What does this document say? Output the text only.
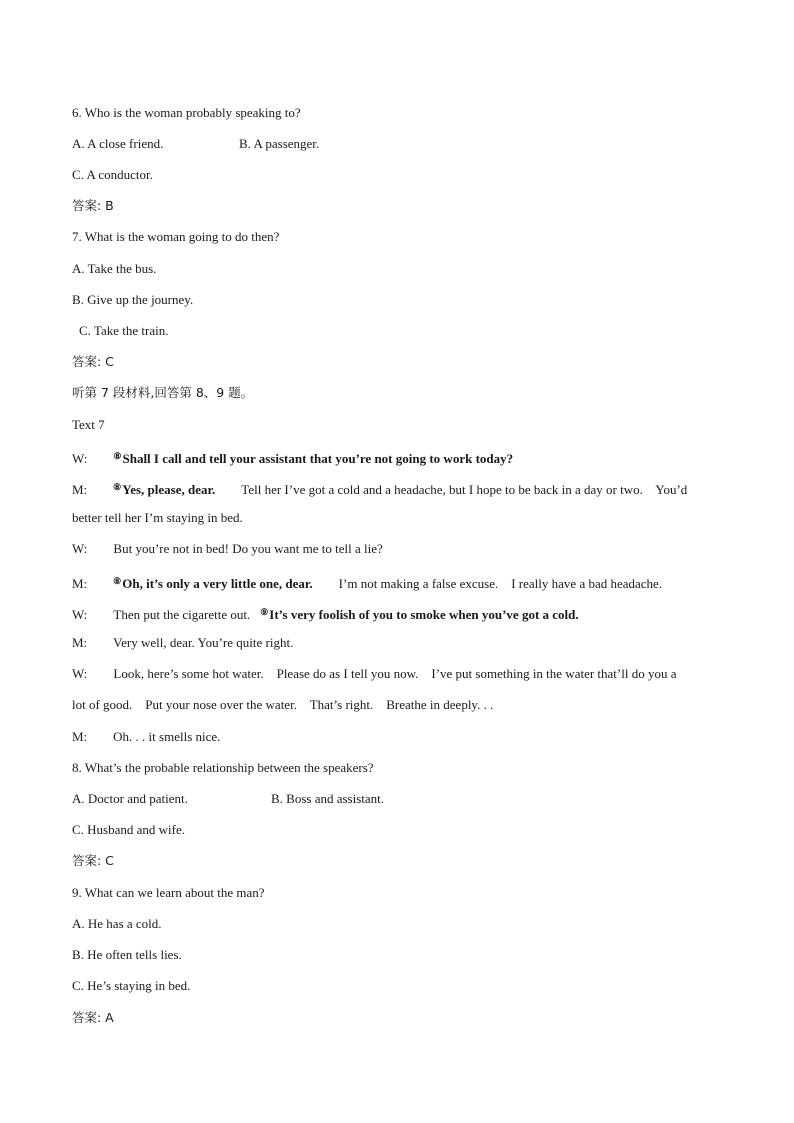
6. Who is the woman probably speaking to?
A. A close friend.	B. A passenger.
C. A conductor.
答案: B
7. What is the woman going to do then?
A. Take the bus.
B. Give up the journey.
C. Take the train.
答案: C
听第 7 段材料,回答第 8、9 题。
Text 7
W:	⑧Shall I call and tell your assistant that you’re not going to work today?
M:	⑧Yes, please, dear. Tell her I’ve got a cold and a headache, but I hope to be back in a day or two.    You’d
better tell her I’m staying in bed.
W: But you’re not in bed! Do you want me to tell a lie?
M:	⑧Oh, it’s only a very little one, dear. I’m not making a false excuse.    I really have a bad headache.
W: Then put the cigarette out. ⑨It’s very foolish of you to smoke when you’ve got a cold.
M: Very well, dear. You’re quite right.
W: Look, here’s some hot water.    Please do as I tell you now.    I’ve put something in the water that’ll do you a
lot of good.    Put your nose over the water.    That’s right.    Breathe in deeply. . .
M: Oh. . . it smells nice.
8. What’s the probable relationship between the speakers?
A. Doctor and patient.	B. Boss and assistant.
C. Husband and wife.
答案: C
9. What can we learn about the man?
A. He has a cold.
B. He often tells lies.
C. He’s staying in bed.
答案: A
